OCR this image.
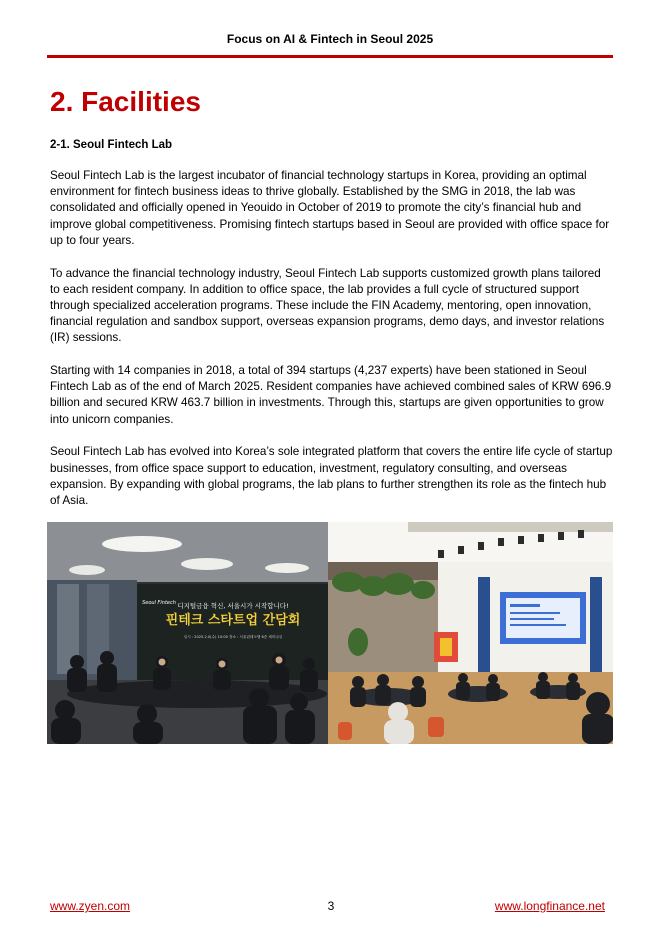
Focus on AI & Fintech in Seoul 2025
2. Facilities
2-1. Seoul Fintech Lab

Seoul Fintech Lab is the largest incubator of financial technology startups in Korea, providing an optimal environment for fintech business ideas to thrive globally. Established by the SMG in 2018, the lab was consolidated and officially opened in Yeouido in October of 2019 to promote the city’s financial hub and improve global competitiveness. Promising fintech startups based in Seoul are provided with office space for up to four years.

To advance the financial technology industry, Seoul Fintech Lab supports customized growth plans tailored to each resident company. In addition to office space, the lab provides a full cycle of structured support through specialized acceleration programs. These include the FIN Academy, mentoring, open innovation, financial regulation and sandbox support, overseas expansion programs, demo days, and investor relations (IR) sessions.

Starting with 14 companies in 2018, a total of 394 startups (4,237 experts) have been stationed in Seoul Fintech Lab as of the end of March 2025. Resident companies have achieved combined sales of KRW 696.9 billion and secured KRW 463.7 billion in investments. Through this, startups are given opportunities to grow into unicorn companies.

Seoul Fintech Lab has evolved into Korea’s sole integrated platform that covers the entire life cycle of startup businesses, from office space support to education, investment, regulatory consulting, and overseas expansion. By expanding with global programs, the lab plans to further strengthen its role as the fintech hub of Asia.

디지털금융 혁신, 서울시가 시작합니다!
핀테크 스타트업 간담회
일시 : 2025.2.0(수) 10:00 장소 : 서울핀테크랩 6층 세미나실
Seoul Fintech
www.zyen.com	3	www.longfinance.net
